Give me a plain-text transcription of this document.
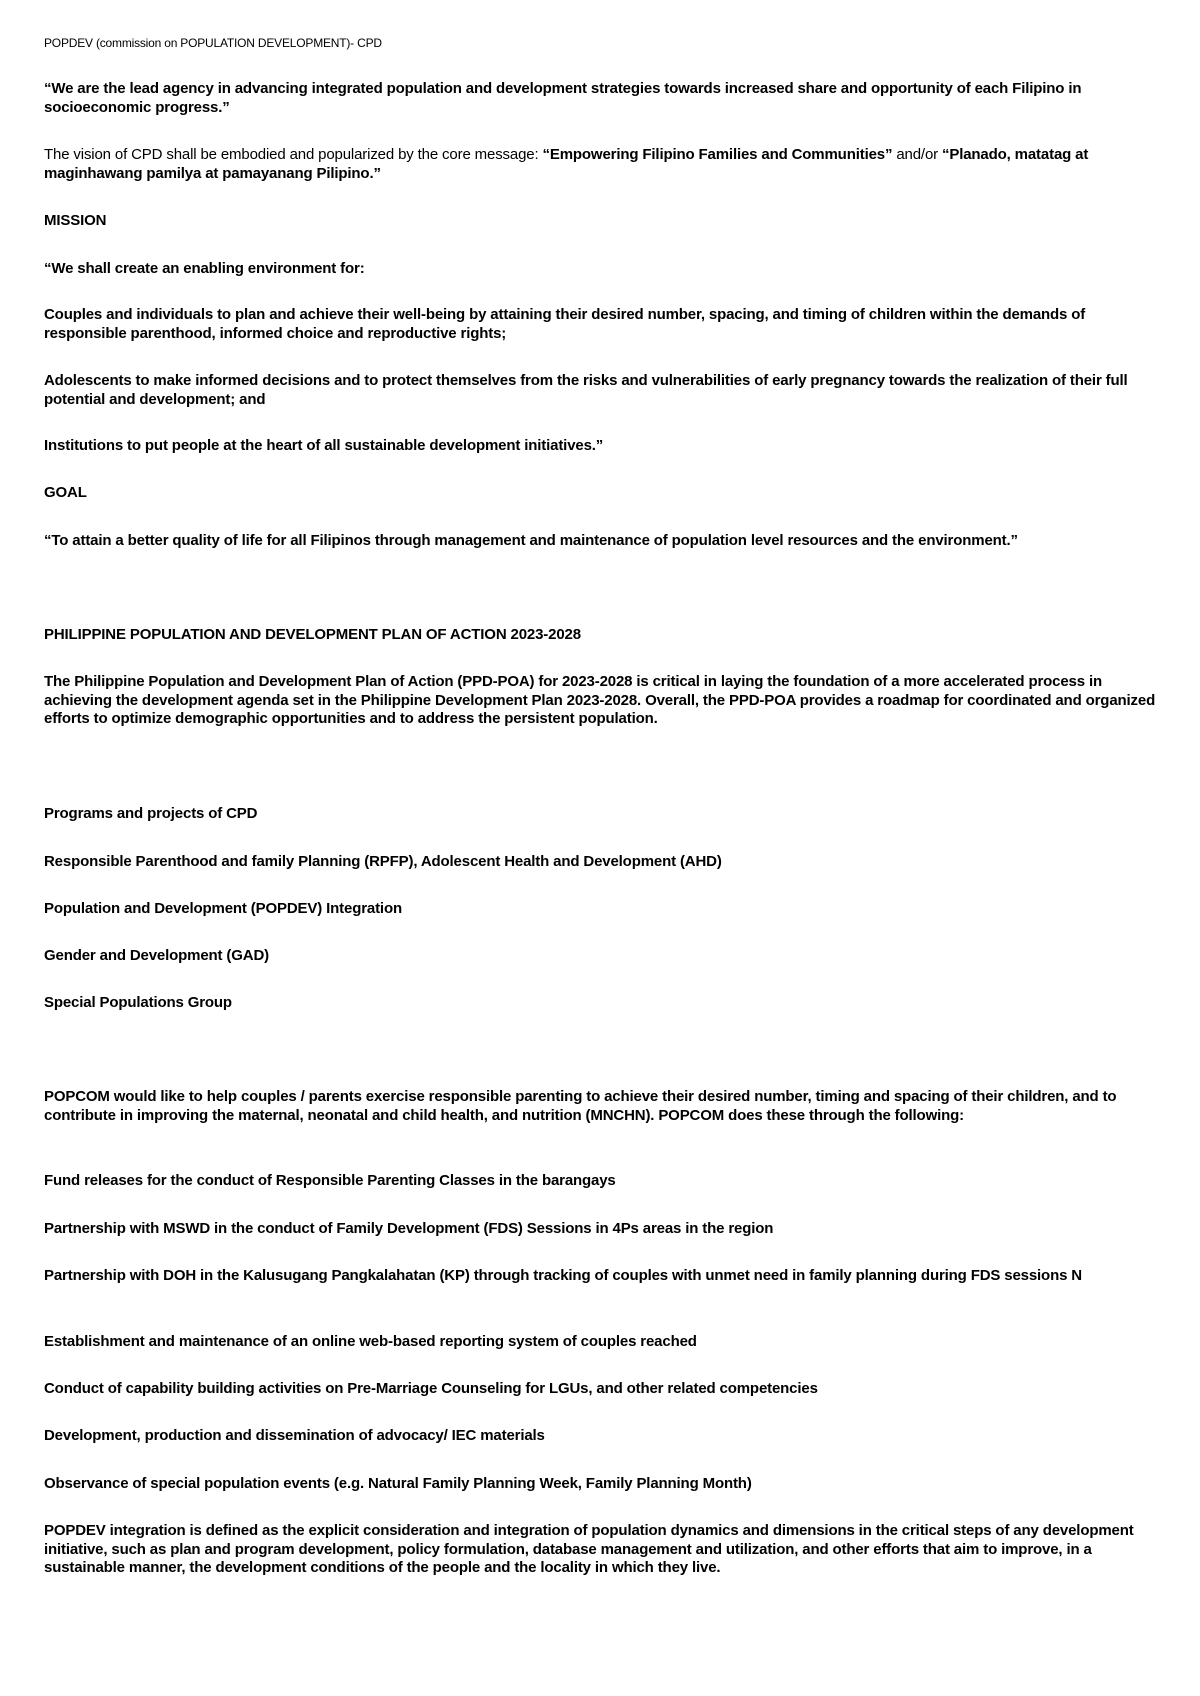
POPDEV (commission on POPULATION DEVELOPMENT)- CPD

“We are the lead agency in advancing integrated population and development strategies towards increased share and opportunity of each Filipino in socioeconomic progress.”

The vision of CPD shall be embodied and popularized by the core message: “Empowering Filipino Families and Communities” and/or “Planado, matatag at maginhawang pamilya at pamayanang Pilipino.”

MISSION

“We shall create an enabling environment for:

Couples and individuals to plan and achieve their well-being by attaining their desired number, spacing, and timing of children within the demands of responsible parenthood, informed choice and reproductive rights;

Adolescents to make informed decisions and to protect themselves from the risks and vulnerabilities of early pregnancy towards the realization of their full potential and development; and

Institutions to put people at the heart of all sustainable development initiatives.”

GOAL

“To attain a better quality of life for all Filipinos through management and maintenance of population level resources and the environment.”

PHILIPPINE POPULATION AND DEVELOPMENT PLAN OF ACTION 2023-2028

The Philippine Population and Development Plan of Action (PPD-POA) for 2023-2028 is critical in laying the foundation of a more accelerated process in achieving the development agenda set in the Philippine Development Plan 2023-2028. Overall, the PPD-POA provides a roadmap for coordinated and organized efforts to optimize demographic opportunities and to address the persistent population.

Programs and projects of CPD

Responsible Parenthood and family Planning (RPFP), Adolescent Health and Development (AHD)

Population and Development (POPDEV) Integration

Gender and Development (GAD)

Special Populations Group

POPCOM would like to help couples / parents exercise responsible parenting to achieve their desired number, timing and spacing of their children, and to contribute in improving the maternal, neonatal and child health, and nutrition (MNCHN). POPCOM does these through the following:

Fund releases for the conduct of Responsible Parenting Classes in the barangays

Partnership with MSWD in the conduct of Family Development (FDS) Sessions in 4Ps areas in the region

Partnership with DOH in the Kalusugang Pangkalahatan (KP) through tracking of couples with unmet need in family planning during FDS sessions N

Establishment and maintenance of an online web-based reporting system of couples reached

Conduct of capability building activities on Pre-Marriage Counseling for LGUs, and other related competencies

Development, production and dissemination of advocacy/ IEC materials

Observance of special population events (e.g. Natural Family Planning Week, Family Planning Month)

POPDEV integration is defined as the explicit consideration and integration of population dynamics and dimensions in the critical steps of any development initiative, such as plan and program development, policy formulation, database management and utilization, and other efforts that aim to improve, in a sustainable manner, the development conditions of the people and the locality in which they live.
